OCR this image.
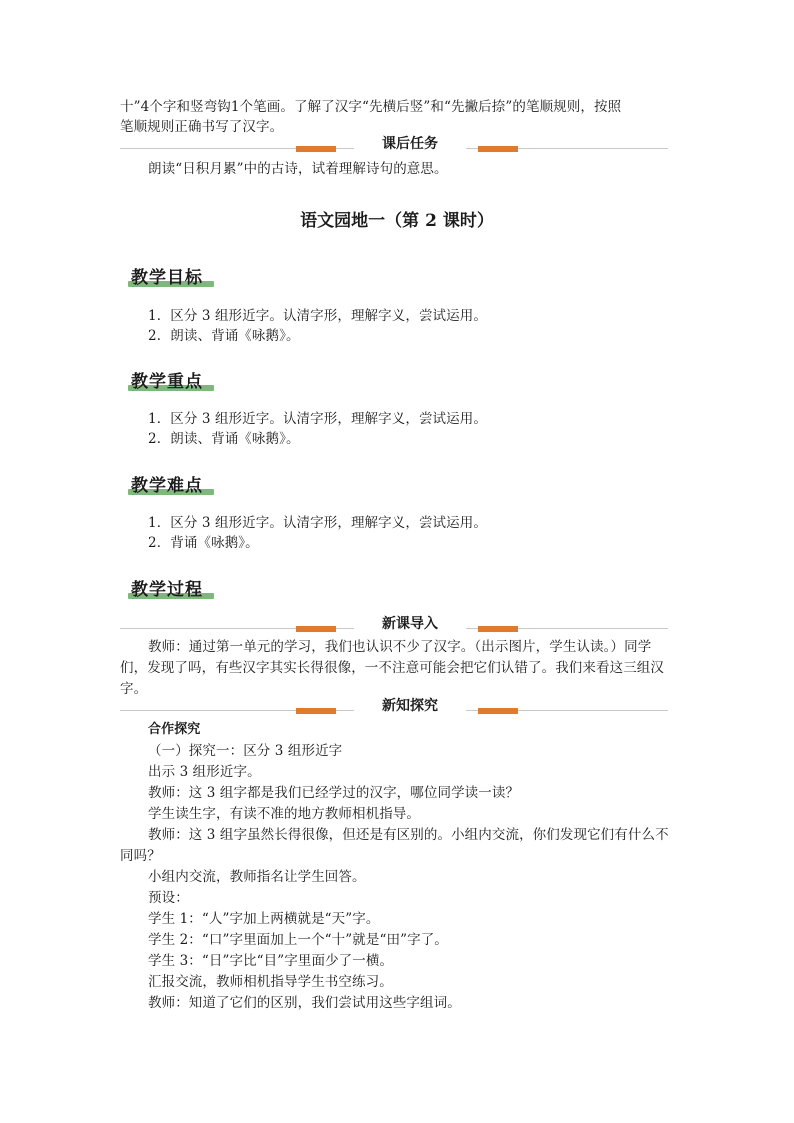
十”4个字和竖弯钩1个笔画。了解了汉字“先横后竖”和“先撇后捺”的笔顺规则，按照
笔顺规则正确书写了汉字。
课后任务
朗读“日积月累”中的古诗，试着理解诗句的意思。
语文园地一（第 2 课时）
教学目标
1．区分 3 组形近字。认清字形，理解字义，尝试运用。
2．朗读、背诵《咏鹅》。
教学重点
1．区分 3 组形近字。认清字形，理解字义，尝试运用。
2．朗读、背诵《咏鹅》。
教学难点
1．区分 3 组形近字。认清字形，理解字义，尝试运用。
2．背诵《咏鹅》。
教学过程
新课导入
教师：通过第一单元的学习，我们也认识不少了汉字。（出示图片，学生认读。）同学
们，发现了吗，有些汉字其实长得很像，一不注意可能会把它们认错了。我们来看这三组汉
字。
新知探究
合作探究
（一）探究一：区分 3 组形近字
出示 3 组形近字。
教师：这 3 组字都是我们已经学过的汉字，哪位同学读一读？
学生读生字，有读不准的地方教师相机指导。
教师：这 3 组字虽然长得很像，但还是有区别的。小组内交流，你们发现它们有什么不
同吗？
小组内交流，教师指名让学生回答。
预设：
学生 1：“人”字加上两横就是“天”字。
学生 2：“口”字里面加上一个“十”就是“田”字了。
学生 3：“日”字比“目”字里面少了一横。
汇报交流，教师相机指导学生书空练习。
教师：知道了它们的区别，我们尝试用这些字组词。
